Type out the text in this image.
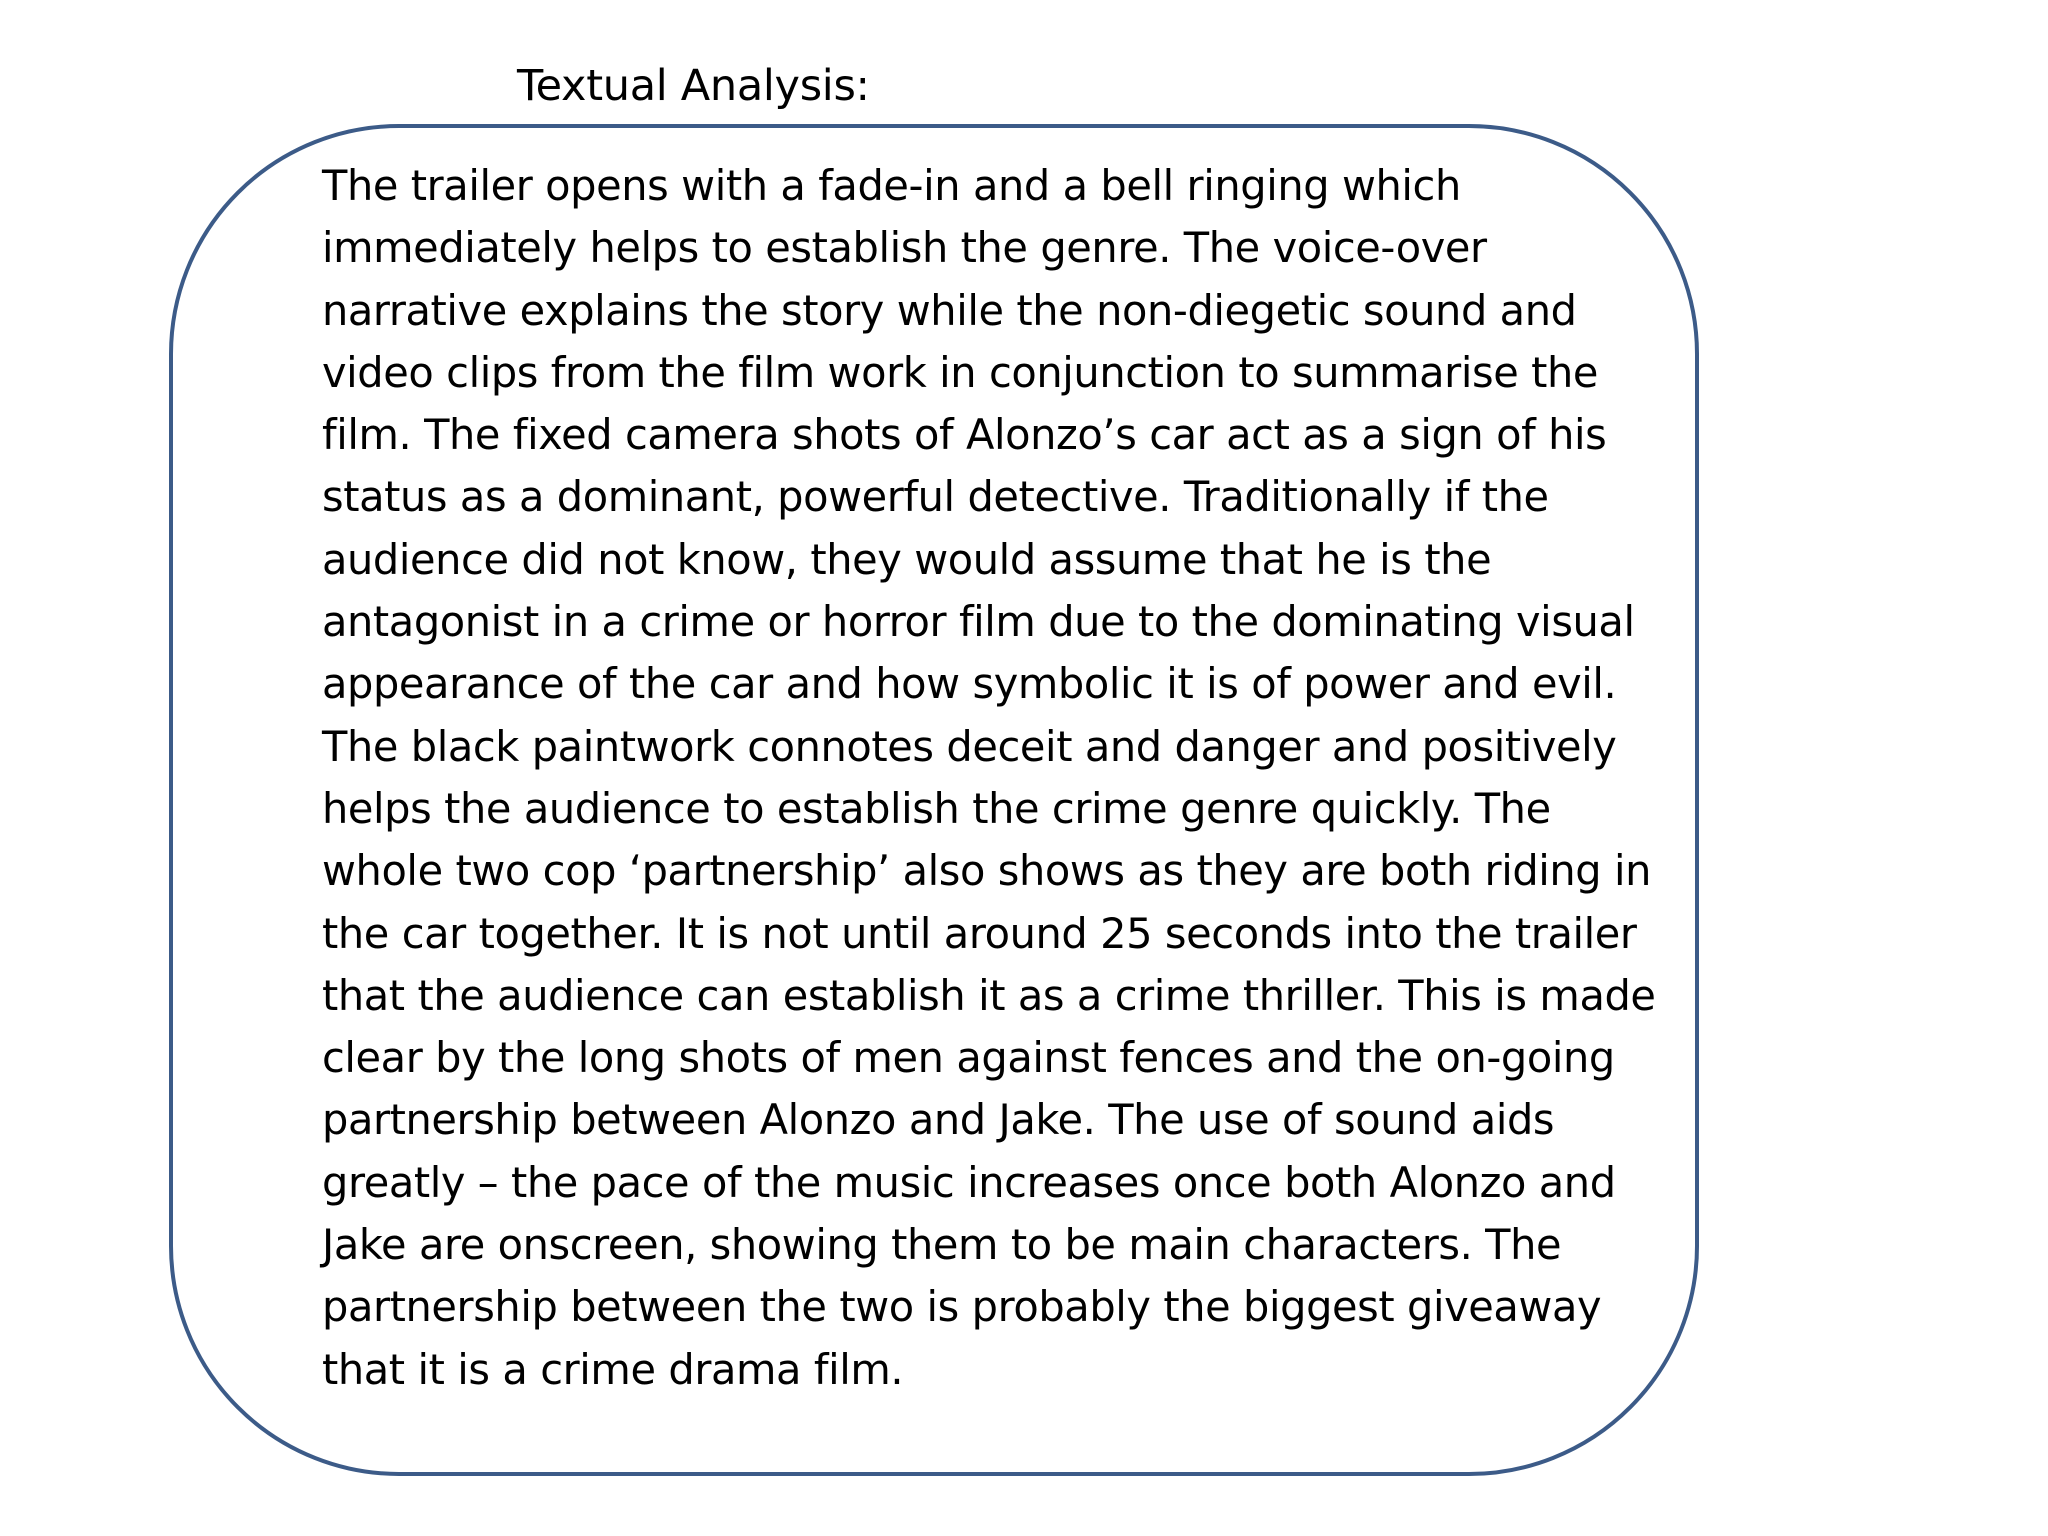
Textual Analysis:
The trailer opens with a fade-in and a bell ringing which
immediately helps to establish the genre. The voice-over
narrative explains the story while the non-diegetic sound and
video clips from the film work in conjunction to summarise the
film. The fixed camera shots of Alonzo’s car act as a sign of his
status as a dominant, powerful detective. Traditionally if the
audience did not know, they would assume that he is the
antagonist in a crime or horror film due to the dominating visual
appearance of the car and how symbolic it is of power and evil.
The black paintwork connotes deceit and danger and positively
helps the audience to establish the crime genre quickly. The
whole two cop ‘partnership’ also shows as they are both riding in
the car together. It is not until around 25 seconds into the trailer
that the audience can establish it as a crime thriller. This is made
clear by the long shots of men against fences and the on-going
partnership between Alonzo and Jake. The use of sound aids
greatly – the pace of the music increases once both Alonzo and
Jake are onscreen, showing them to be main characters. The
partnership between the two is probably the biggest giveaway
that it is a crime drama film.
